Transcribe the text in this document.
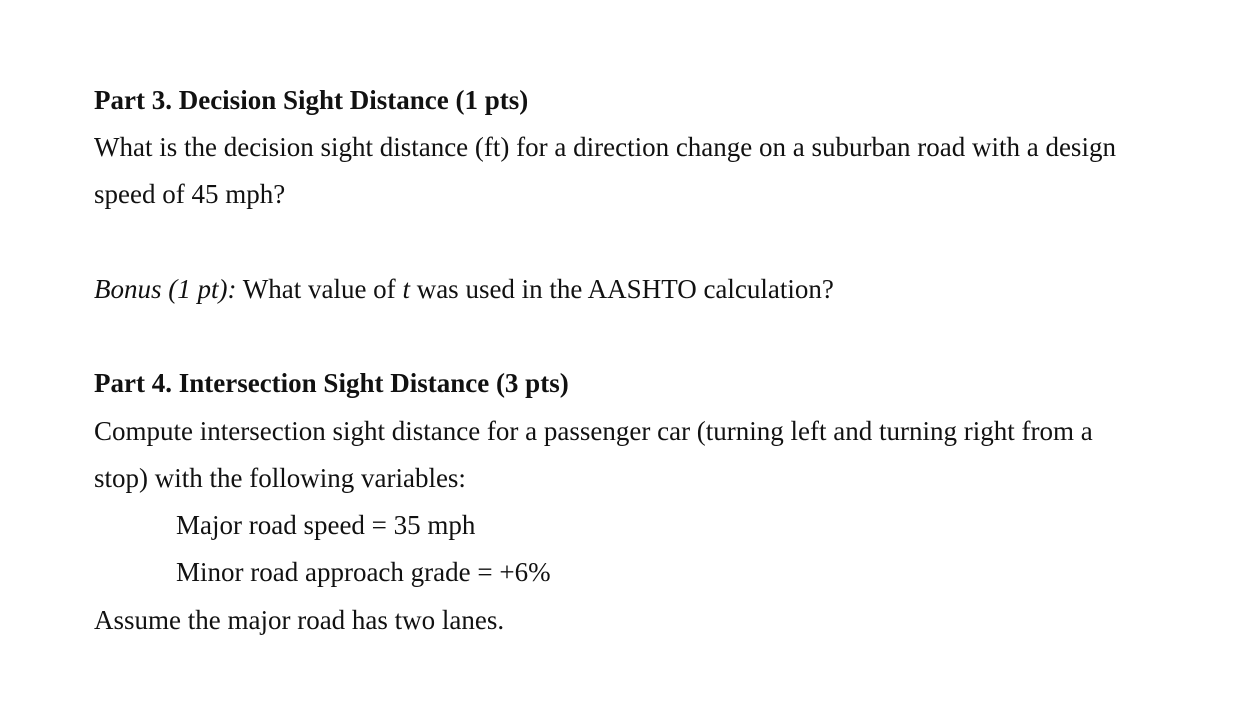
Part 3. Decision Sight Distance (1 pts)
What is the decision sight distance (ft) for a direction change on a suburban road with a design
speed of 45 mph?
Bonus (1 pt): What value of t was used in the AASHTO calculation?
Part 4. Intersection Sight Distance (3 pts)
Compute intersection sight distance for a passenger car (turning left and turning right from a
stop) with the following variables:
Major road speed = 35 mph
Minor road approach grade = +6%
Assume the major road has two lanes.
